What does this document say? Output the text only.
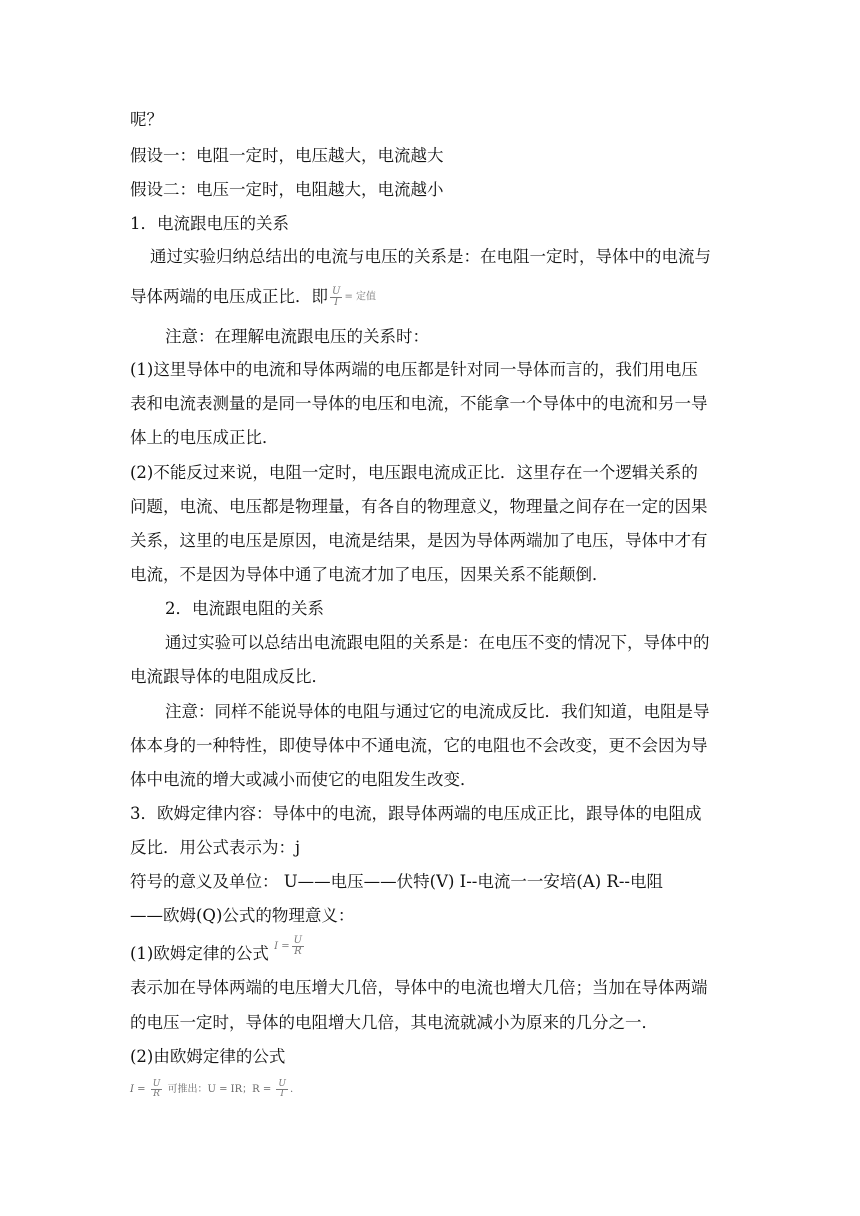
呢？
假设一：电阻一定时，电压越大，电流越大
假设二：电压一定时，电阻越大，电流越小
1．电流跟电压的关系
通过实验归纳总结出的电流与电压的关系是：在电阻一定时，导体中的电流与
导体两端的电压成正比．即 $\frac{U}{I}$ = 定值
注意：在理解电流跟电压的关系时：
(1)这里导体中的电流和导体两端的电压都是针对同一导体而言的，我们用电压
表和电流表测量的是同一导体的电压和电流，不能拿一个导体中的电流和另一导
体上的电压成正比．
(2)不能反过来说，电阻一定时，电压跟电流成正比．这里存在一个逻辑关系的
问题，电流、电压都是物理量，有各自的物理意义，物理量之间存在一定的因果
关系，这里的电压是原因，电流是结果，是因为导体两端加了电压，导体中才有
电流，不是因为导体中通了电流才加了电压，因果关系不能颠倒．
2．电流跟电阻的关系
通过实验可以总结出电流跟电阻的关系是：在电压不变的情况下，导体中的
电流跟导体的电阻成反比．
注意：同样不能说导体的电阻与通过它的电流成反比．我们知道，电阻是导
体本身的一种特性，即使导体中不通电流，它的电阻也不会改变，更不会因为导
体中电流的增大或减小而使它的电阻发生改变．
3．欧姆定律内容：导体中的电流，跟导体两端的电压成正比，跟导体的电阻成
反比．用公式表示为：j
符号的意义及单位： U——电压——伏特(V) I--电流一一安培(A) R--电阻
——欧姆(Q)公式的物理意义：
(1)欧姆定律的公式 $^{I =} \frac{U}{R}$
表示加在导体两端的电压增大几倍，导体中的电流也增大几倍；当加在导体两端
的电压一定时，导体的电阻增大几倍，其电流就减小为原来的几分之一．
(2)由欧姆定律的公式
$I = \frac{U}{R}$ 可推出：U = IR；$R = \frac{U}{I}$ .
